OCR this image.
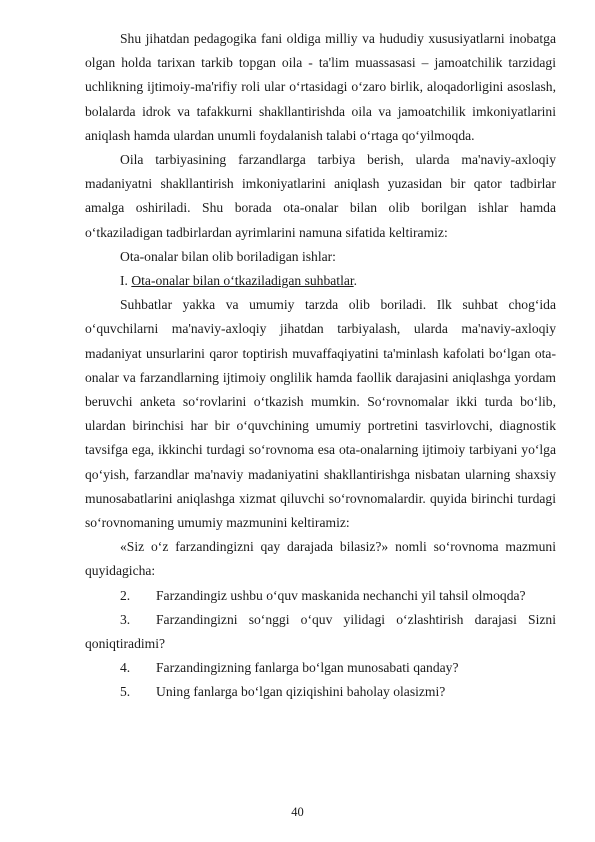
Shu jihatdan pedagogika fani oldiga milliy va hududiy xususiyatlarni inobatga olgan holda tarixan tarkib topgan oila - ta'lim muassasasi – jamoatchilik tarzidagi uchlikning ijtimoiy-ma'rifiy roli ular o‘rtasidagi o‘zaro birlik, aloqadorligini asoslash, bolalarda idrok va tafakkurni shakllantirishda oila va jamoatchilik imkoniyatlarini aniqlash hamda ulardan unumli foydalanish talabi o‘rtaga qo‘yilmoqda.

Oila tarbiyasining farzandlarga tarbiya berish, ularda ma'naviy-axloqiy madaniyatni shakllantirish imkoniyatlarini aniqlash yuzasidan bir qator tadbirlar amalga oshiriladi. Shu borada ota-onalar bilan olib borilgan ishlar hamda o‘tkaziladigan tadbirlardan ayrimlarini namuna sifatida keltiramiz:

Ota-onalar bilan olib boriladigan ishlar:

I. Ota-onalar bilan o‘tkaziladigan suhbatlar.

Suhbatlar yakka va umumiy tarzda olib boriladi. Ilk suhbat chog‘ida o‘quvchilarni ma'naviy-axloqiy jihatdan tarbiyalash, ularda ma'naviy-axloqiy madaniyat unsurlarini qaror toptirish muvaffaqiyatini ta'minlash kafolati bo‘lgan ota-onalar va farzandlarning ijtimoiy onglilik hamda faollik darajasini aniqlashga yordam beruvchi anketa so‘rovlarini o‘tkazish mumkin. So‘rovnomalar ikki turda bo‘lib, ulardan birinchisi har bir o‘quvchining umumiy portretini tasvirlovchi, diagnostik tavsifga ega, ikkinchi turdagi so‘rovnoma esa ota-onalarning ijtimoiy tarbiyani yo‘lga qo‘yish, farzandlar ma'naviy madaniyatini shakllantirishga nisbatan ularning shaxsiy munosabatlarini aniqlashga xizmat qiluvchi so‘rovnomalardir. quyida birinchi turdagi so‘rovnomaning umumiy mazmunini keltiramiz:

«Siz o‘z farzandingizni qay darajada bilasiz?» nomli so‘rovnoma mazmuni quyidagicha:

2.	Farzandingiz ushbu o‘quv maskanida nechanchi yil tahsil olmoqda?
3. Farzandingizni so‘nggi o‘quv yilidagi o‘zlashtirish darajasi Sizni qoniqtiradimi?
4.	Farzandingizning fanlarga bo‘lgan munosabati qanday?
5.	Uning fanlarga bo‘lgan qiziqishini baholay olasizmi?
40
